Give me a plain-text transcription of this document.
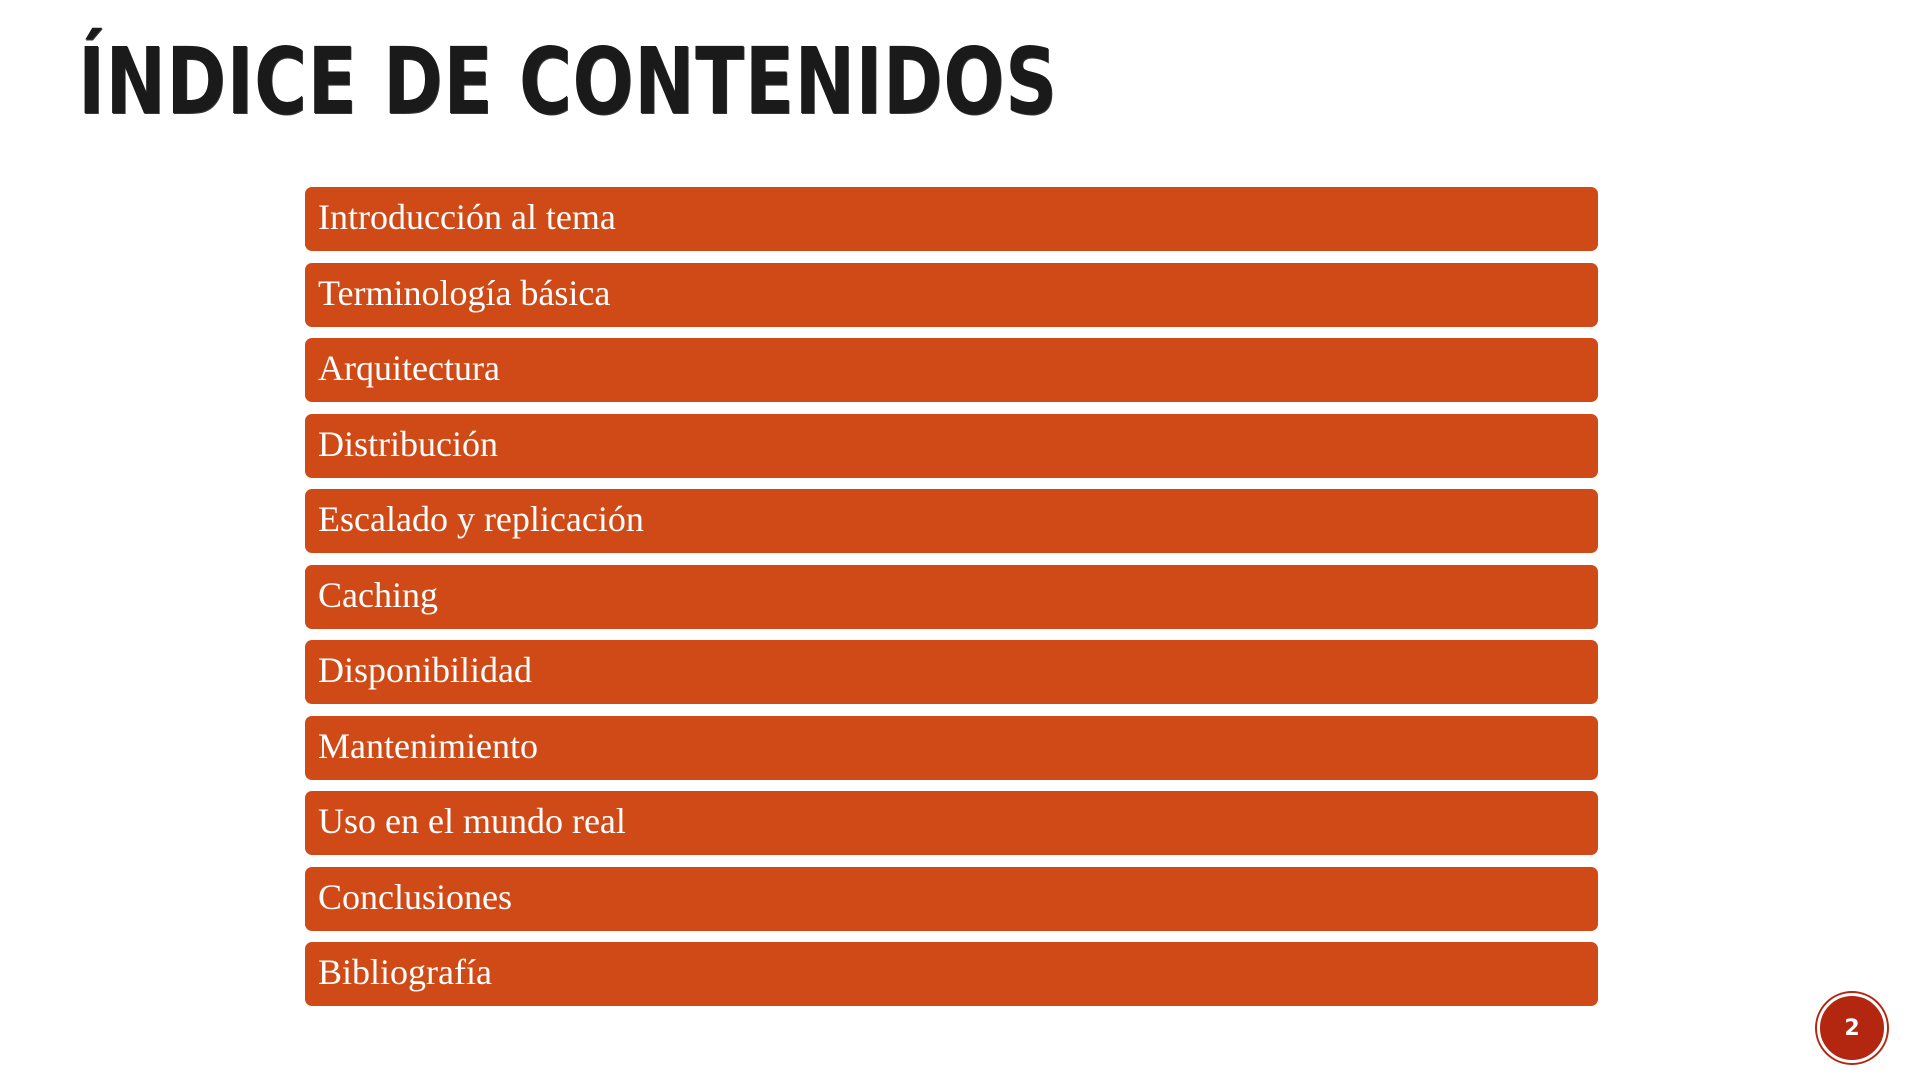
ÍNDICE DE CONTENIDOS
Introducción al tema
Terminología básica
Arquitectura
Distribución
Escalado y replicación
Caching
Disponibilidad
Mantenimiento
Uso en el mundo real
Conclusiones
Bibliografía
2
